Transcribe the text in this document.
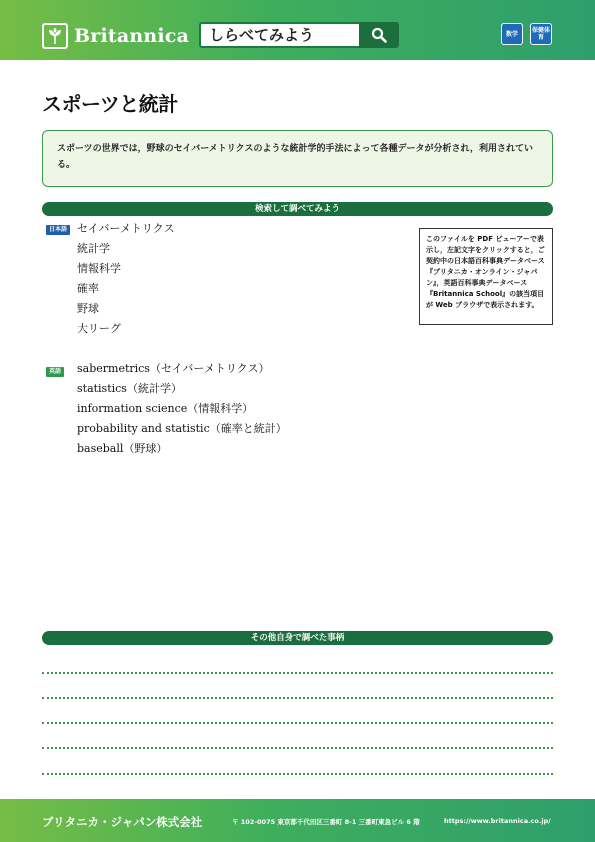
Britannica	しらべてみよう	数学	保健体育
スポーツと統計

スポーツの世界では，野球のセイバーメトリクスのような統計学的手法によって各種データが分析され，利用されている。

検索して調べてみよう
日本語 セイバーメトリクス
統計学
情報科学
確率
野球
大リーグ

このファイルを PDF ビューアーで表示し，左記文字をクリックすると，ご契約中の日本語百科事典データベース『ブリタニカ・オンライン・ジャパン』，英語百科事典データベース『Britannica School』の該当項目が Web ブラウザで表示されます。

英語 sabermetrics（セイバーメトリクス）
statistics（統計学）
information science（情報科学）
probability and statistic（確率と統計）
baseball（野球）
その他自身で調べた事柄
ブリタニカ・ジャパン株式会社	〒 102-0075 東京都千代田区三番町 8-1 三番町東急ビル 6 階	https://www.britannica.co.jp/
